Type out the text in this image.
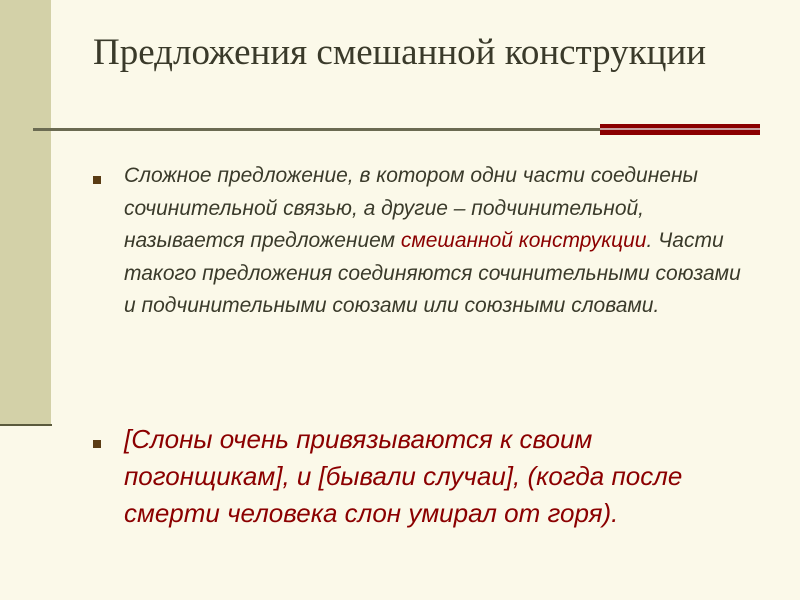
Предложения смешанной конструкции

Сложное предложение, в котором одни части соединены сочинительной связью, а другие – подчинительной, называется предложением смешанной конструкции. Части такого предложения соединяются сочинительными союзами и подчинительными союзами или союзными словами.

[Слоны очень привязываются к своим погонщикам], и [бывали случаи], (когда после смерти человека слон умирал от горя).
